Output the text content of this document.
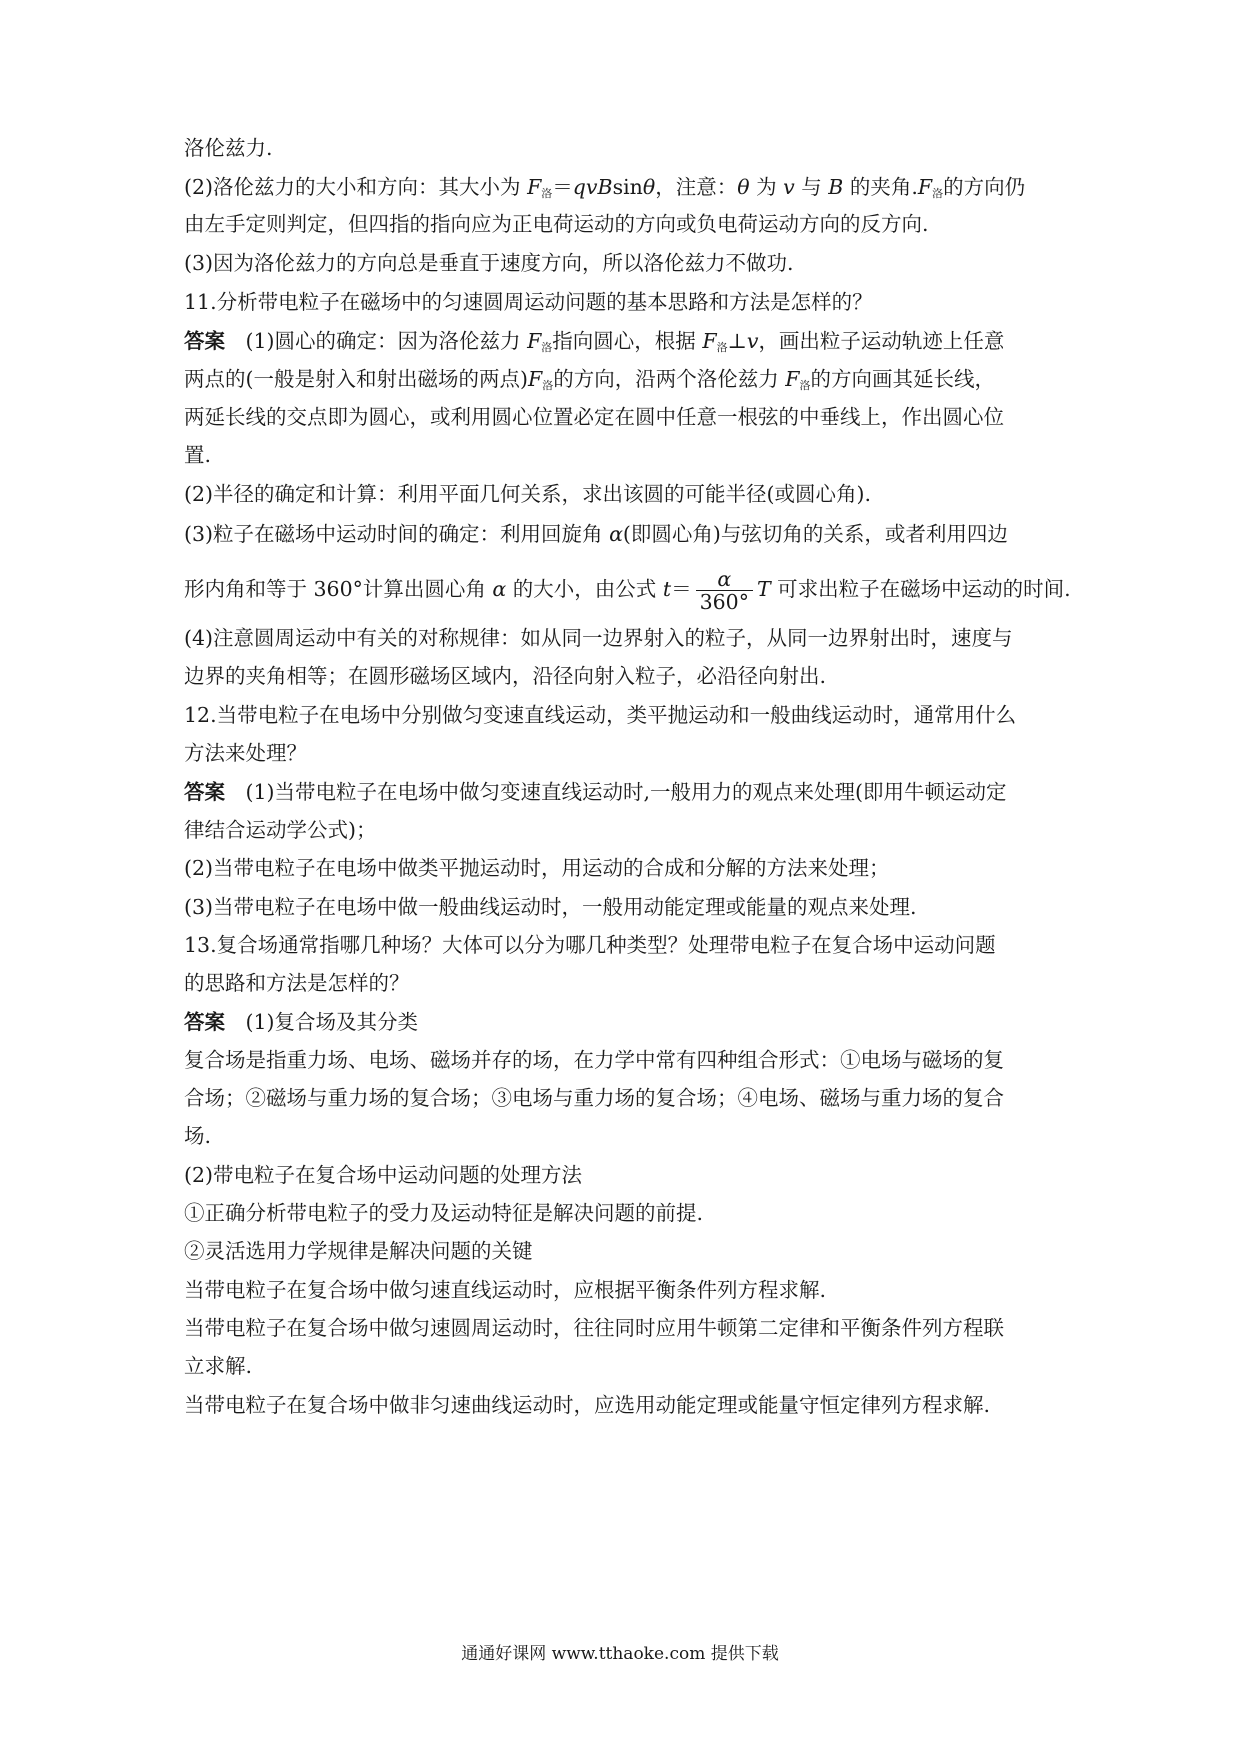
洛伦兹力.
(2)洛伦兹力的大小和方向：其大小为 $F_洛=qvBsin\theta$，注意：θ 为 v 与 B 的夹角$.F_洛$的方向仍
由左手定则判定，但四指的指向应为正电荷运动的方向或负电荷运动方向的反方向.
(3)因为洛伦兹力的方向总是垂直于速度方向，所以洛伦兹力不做功.
11.分析带电粒子在磁场中的匀速圆周运动问题的基本思路和方法是怎样的？
答案　(1)圆心的确定：因为洛伦兹力 $F_洛$指向圆心，根据 $F_洛\perp v$，画出粒子运动轨迹上任意
两点的(一般是射入和射出磁场的两点)$F_洛$的方向，沿两个洛伦兹力 $F_洛$的方向画其延长线，
两延长线的交点即为圆心，或利用圆心位置必定在圆中任意一根弦的中垂线上，作出圆心位
置.
(2)半径的确定和计算：利用平面几何关系，求出该圆的可能半径(或圆心角).
(3)粒子在磁场中运动时间的确定：利用回旋角 α(即圆心角)与弦切角的关系，或者利用四边
形内角和等于 360°计算出圆心角 α 的大小，由公式 $t= \frac{\alpha}{360^\circ}$ T 可求出粒子在磁场中运动的时间.
(4)注意圆周运动中有关的对称规律：如从同一边界射入的粒子，从同一边界射出时，速度与
边界的夹角相等；在圆形磁场区域内，沿径向射入粒子，必沿径向射出.
12.当带电粒子在电场中分别做匀变速直线运动，类平抛运动和一般曲线运动时，通常用什么
方法来处理？
答案　(1)当带电粒子在电场中做匀变速直线运动时,一般用力的观点来处理(即用牛顿运动定
律结合运动学公式)；
(2)当带电粒子在电场中做类平抛运动时，用运动的合成和分解的方法来处理；
(3)当带电粒子在电场中做一般曲线运动时，一般用动能定理或能量的观点来处理.
13.复合场通常指哪几种场？大体可以分为哪几种类型？处理带电粒子在复合场中运动问题
的思路和方法是怎样的？
答案　(1)复合场及其分类
复合场是指重力场、电场、磁场并存的场，在力学中常有四种组合形式：①电场与磁场的复
合场；②磁场与重力场的复合场；③电场与重力场的复合场；④电场、磁场与重力场的复合
场.
(2)带电粒子在复合场中运动问题的处理方法
①正确分析带电粒子的受力及运动特征是解决问题的前提.
②灵活选用力学规律是解决问题的关键
当带电粒子在复合场中做匀速直线运动时，应根据平衡条件列方程求解.
当带电粒子在复合场中做匀速圆周运动时，往往同时应用牛顿第二定律和平衡条件列方程联
立求解.
当带电粒子在复合场中做非匀速曲线运动时，应选用动能定理或能量守恒定律列方程求解.
通通好课网 www.tthaoke.com 提供下载
